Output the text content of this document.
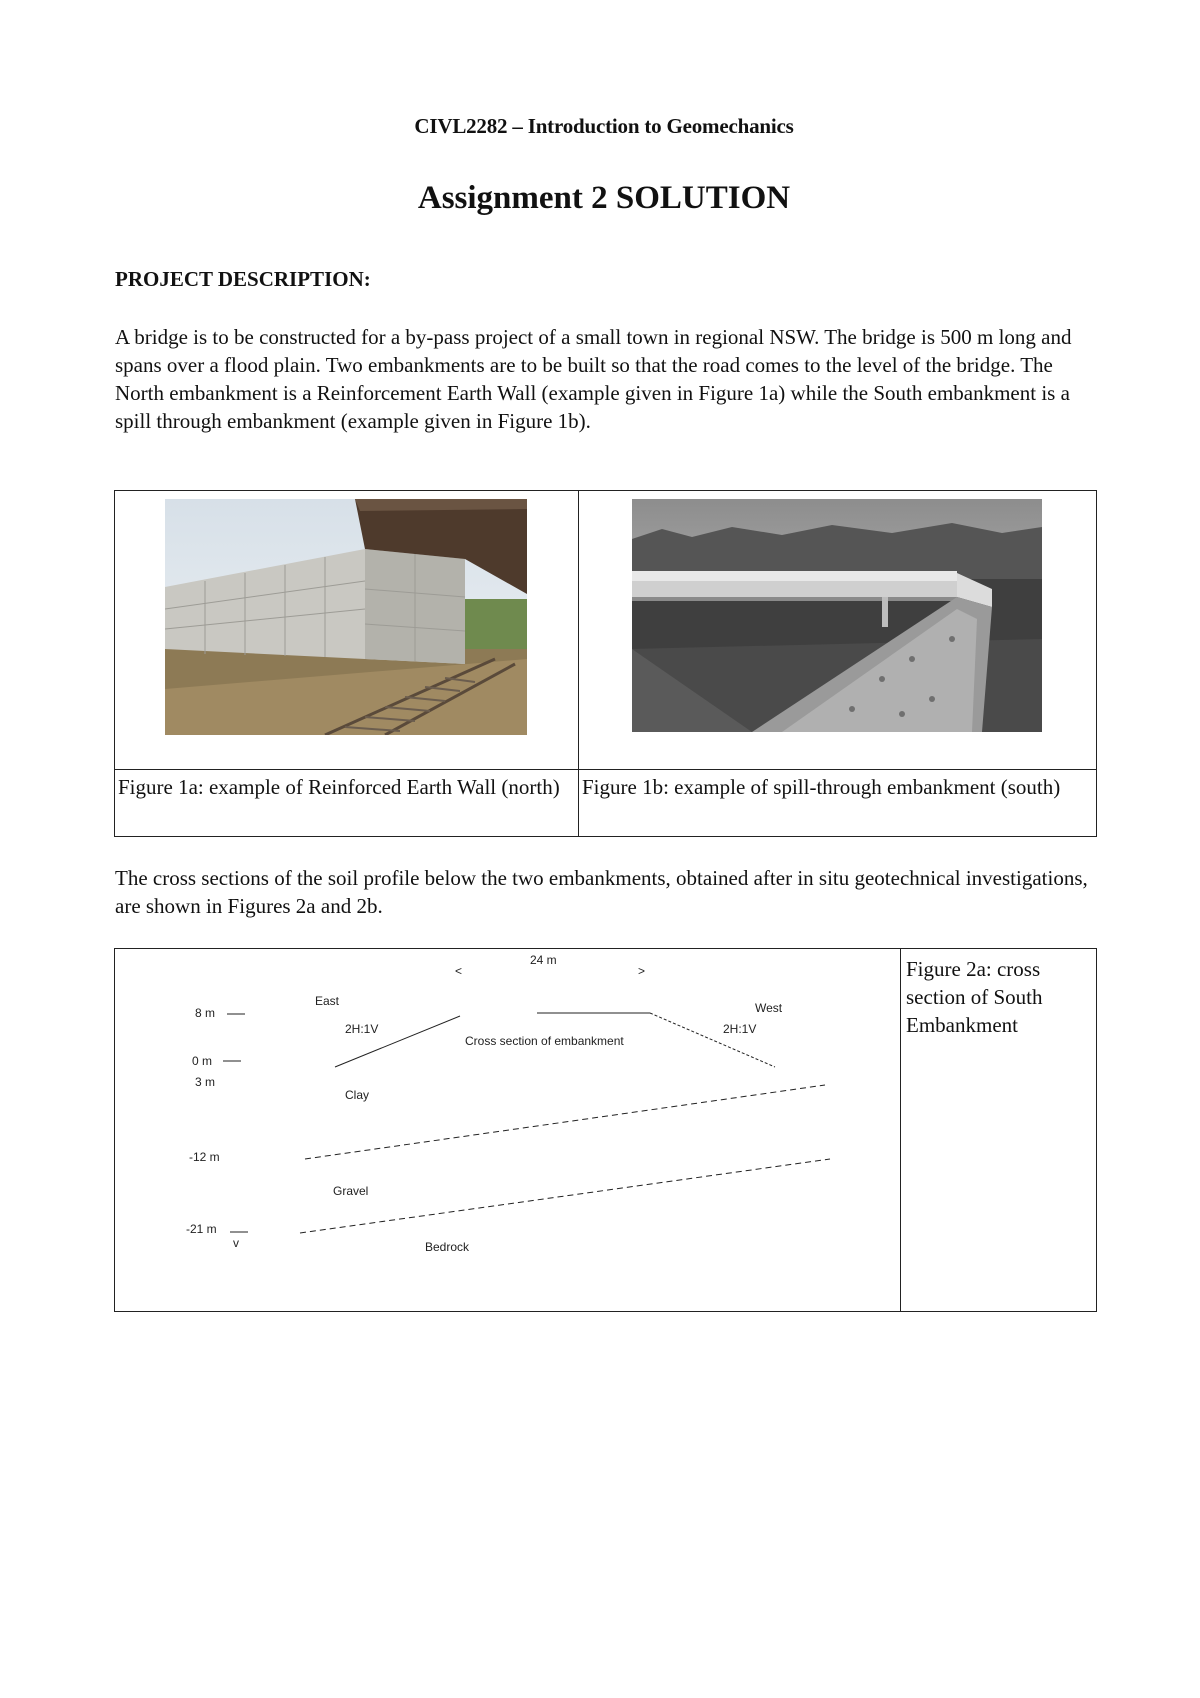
CIVL2282 – Introduction to Geomechanics
Assignment 2 SOLUTION
PROJECT DESCRIPTION:

A bridge is to be constructed for a by-pass project of a small town in regional NSW. The bridge is 500 m long and spans over a flood plain. Two embankments are to be built so that the road comes to the level of the bridge. The North embankment is a Reinforcement Earth Wall (example given in Figure 1a) while the South embankment is a spill through embankment (example given in Figure 1b).

Figure 1a: example of Reinforced Earth Wall (north)	Figure 1b: example of spill-through embankment (south)

The cross sections of the soil profile below the two embankments, obtained after in situ geotechnical investigations, are shown in Figures 2a and 2b.

24 m
<	>
East	West
2H:1V	2H:1V
Cross section of embankment
8 m
0 m
3 m
-12 m
-21 m
v
Clay
Gravel
Bedrock
	Figure 2a: cross section of South Embankment
